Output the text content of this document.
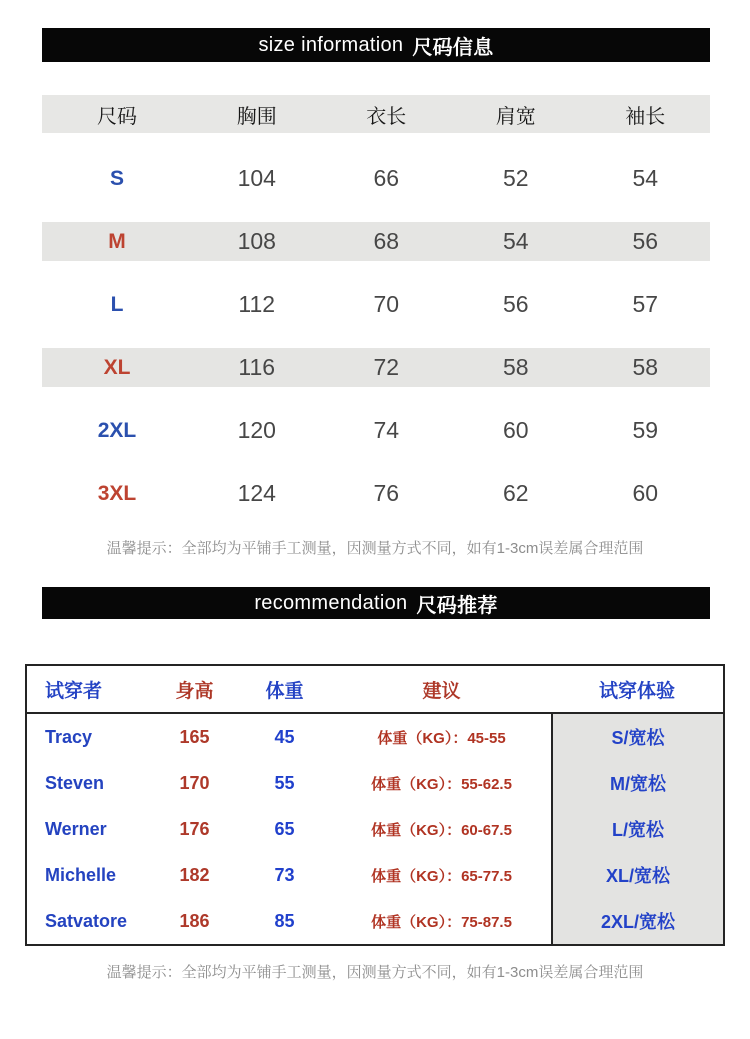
size information 尺码信息
尺码	胸围	衣长	肩宽	袖长
S	104	66	52	54
M	108	68	54	56
L	112	70	56	57
XL	116	72	58	58
2XL	120	74	60	59
3XL	124	76	62	60
温馨提示：全部均为平铺手工测量，因测量方式不同，如有1-3cm误差属合理范围
recommendation 尺码推荐
试穿者	身高	体重	建议	试穿体验
Tracy	165	45	体重（KG）：45-55	S/宽松
Steven	170	55	体重（KG）：55-62.5	M/宽松
Werner	176	65	体重（KG）：60-67.5	L/宽松
Michelle	182	73	体重（KG）：65-77.5	XL/宽松
Satvatore	186	85	体重（KG）：75-87.5	2XL/宽松
温馨提示：全部均为平铺手工测量，因测量方式不同，如有1-3cm误差属合理范围
